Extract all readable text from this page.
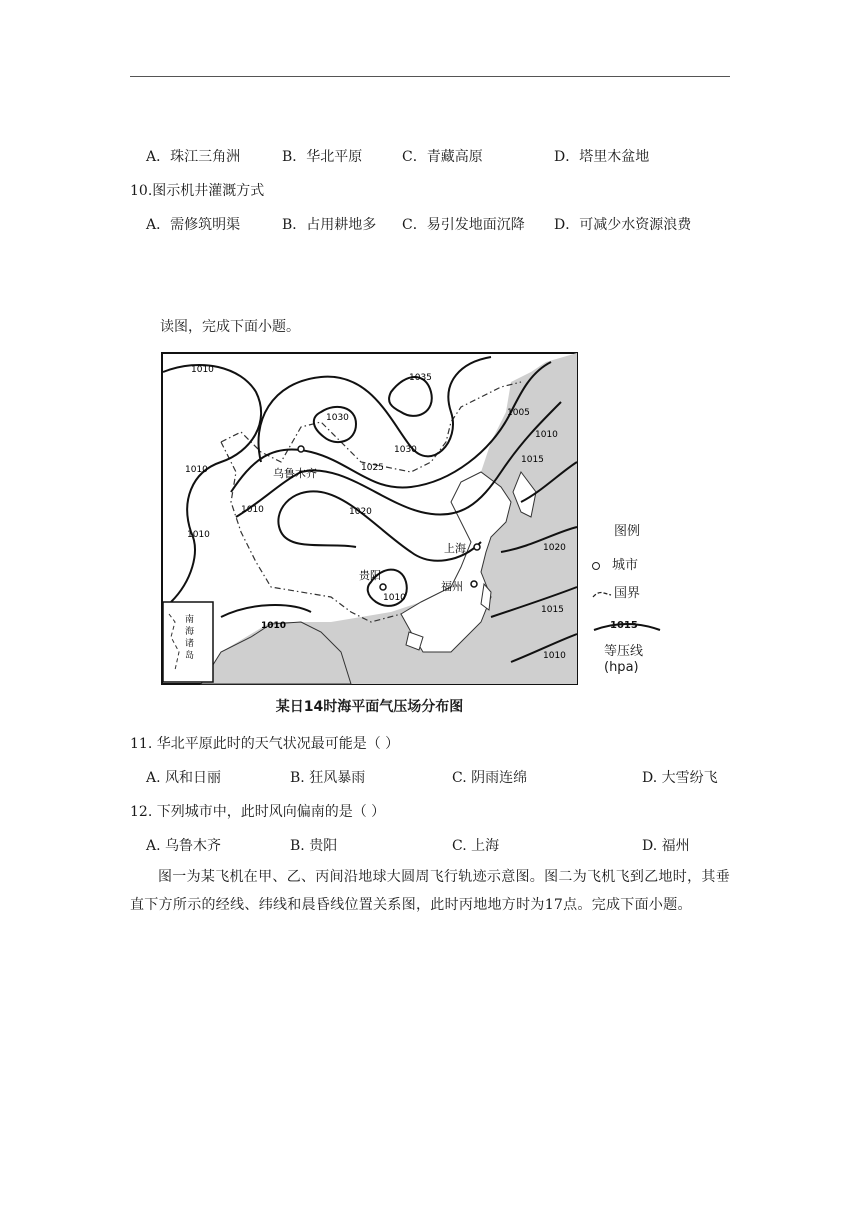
A．珠江三角洲	B．华北平原	C．青藏高原	D．塔里木盆地
10.图示机井灌溉方式
A．需修筑明渠	B．占用耕地多 C．易引发地面沉降 D．可减少水资源浪费
读图，完成下面小题。
1010
1035
1030
1030
1025
1020
1010
1010
1010
1010
1005
1010
1015
1020
1015
1010
1010
乌鲁木齐
上海
贵阳
福州
南 海 诸 岛
图例
城市
国界
1015
等压线
(hpa)
某日14时海平面气压场分布图
11. 华北平原此时的天气状况最可能是（ ）
A. 风和日丽	B. 狂风暴雨	C. 阴雨连绵	D. 大雪纷飞
12. 下列城市中，此时风向偏南的是（ ）
A. 乌鲁木齐	B. 贵阳	C. 上海	D. 福州
图一为某飞机在甲、乙、丙间沿地球大圆周飞行轨迹示意图。图二为飞机飞到乙地时，其垂直下方所示的经线、纬线和晨昏线位置关系图，此时丙地地方时为17点。完成下面小题。
